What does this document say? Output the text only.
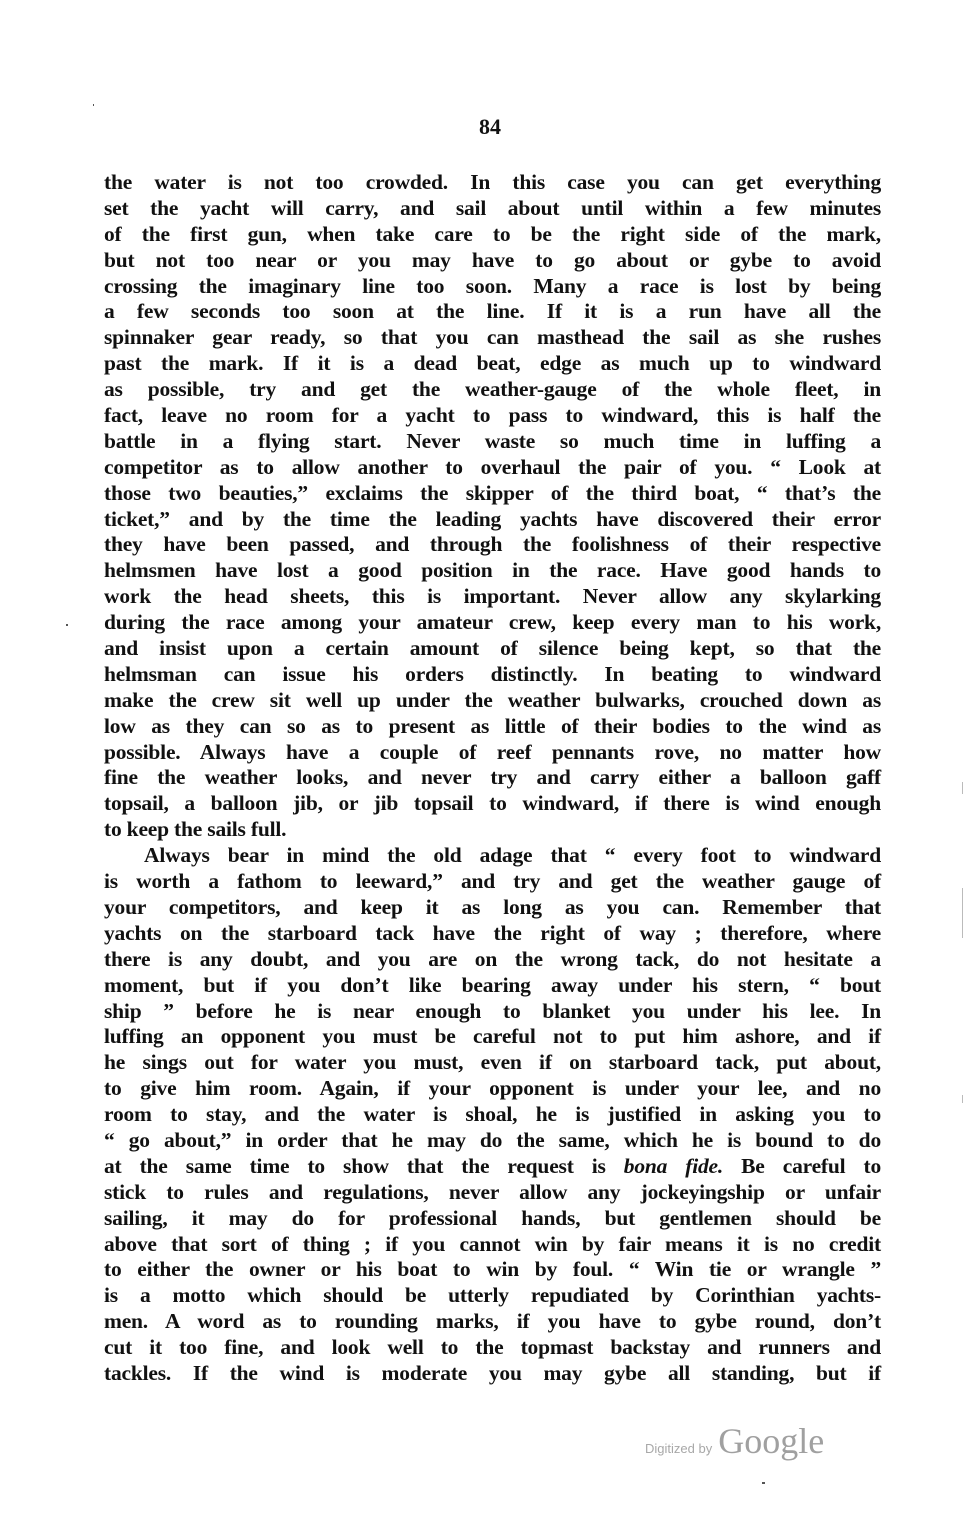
84
the water is not too crowded. In this case you can get everything
set the yacht will carry, and sail about until within a few minutes
of the first gun, when take care to be the right side of the mark,
but not too near or you may have to go about or gybe to avoid
crossing the imaginary line too soon. Many a race is lost by being
a few seconds too soon at the line. If it is a run have all the
spinnaker gear ready, so that you can masthead the sail as she rushes
past the mark. If it is a dead beat, edge as much up to windward
as possible, try and get the weather-gauge of the whole fleet, in
fact, leave no room for a yacht to pass to windward, this is half the
battle in a flying start. Never waste so much time in luffing a
competitor as to allow another to overhaul the pair of you. “ Look at
those two beauties,” exclaims the skipper of the third boat, “ that’s the
ticket,” and by the time the leading yachts have discovered their error
they have been passed, and through the foolishness of their respective
helmsmen have lost a good position in the race. Have good hands to
work the head sheets, this is important. Never allow any skylarking
during the race among your amateur crew, keep every man to his work,
and insist upon a certain amount of silence being kept, so that the
helmsman can issue his orders distinctly. In beating to windward
make the crew sit well up under the weather bulwarks, crouched down as
low as they can so as to present as little of their bodies to the wind as
possible. Always have a couple of reef pennants rove, no matter how
fine the weather looks, and never try and carry either a balloon gaff
topsail, a balloon jib, or jib topsail to windward, if there is wind enough
to keep the sails full.
Always bear in mind the old adage that “ every foot to windward
is worth a fathom to leeward,” and try and get the weather gauge of
your competitors, and keep it as long as you can. Remember that
yachts on the starboard tack have the right of way ; therefore, where
there is any doubt, and you are on the wrong tack, do not hesitate a
moment, but if you don’t like bearing away under his stern, “ bout
ship ” before he is near enough to blanket you under his lee. In
luffing an opponent you must be careful not to put him ashore, and if
he sings out for water you must, even if on starboard tack, put about,
to give him room. Again, if your opponent is under your lee, and no
room to stay, and the water is shoal, he is justified in asking you to
“ go about,” in order that he may do the same, which he is bound to do
at the same time to show that the request is bona fide. Be careful to
stick to rules and regulations, never allow any jockeyingship or unfair
sailing, it may do for professional hands, but gentlemen should be
above that sort of thing ; if you cannot win by fair means it is no credit
to either the owner or his boat to win by foul. “ Win tie or wrangle ”
is a motto which should be utterly repudiated by Corinthian yachts-
men. A word as to rounding marks, if you have to gybe round, don’t
cut it too fine, and look well to the topmast backstay and runners and
tackles. If the wind is moderate you may gybe all standing, but if
Digitized by Google
